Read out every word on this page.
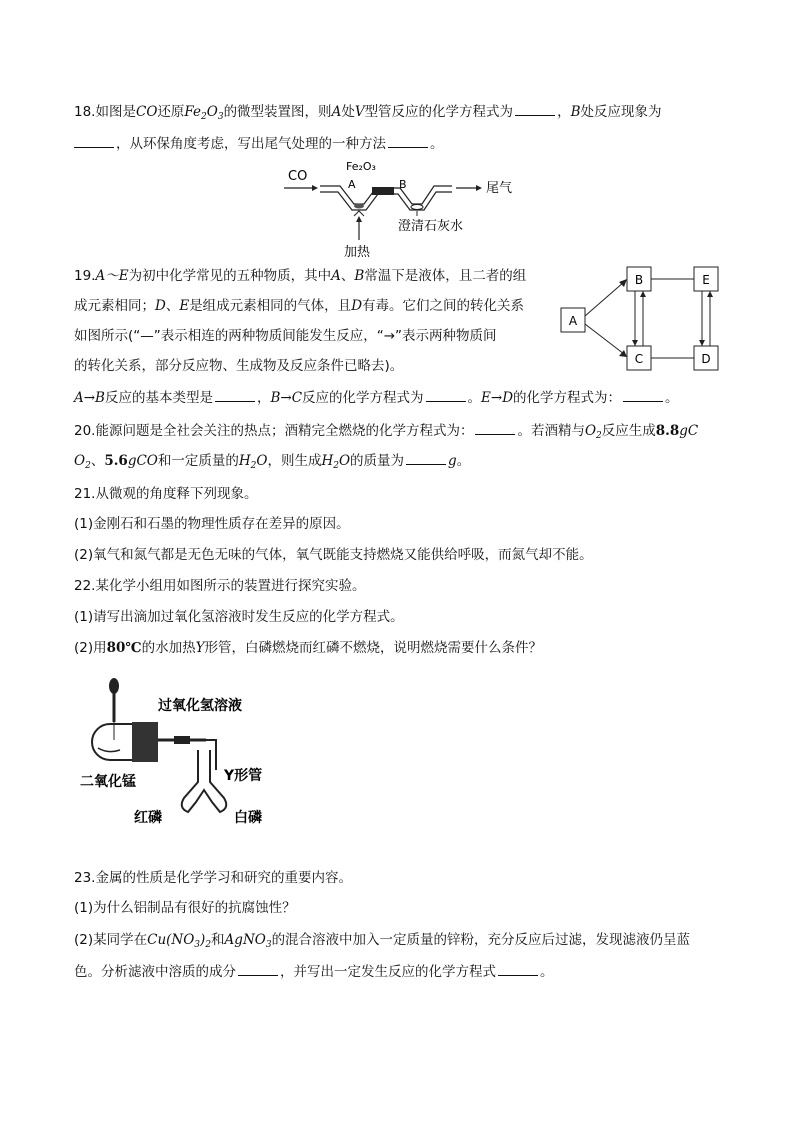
18.如图是CO还原$Fe_2O_3$的微型装置图，则A处V型管反应的化学方程式为	，B处反应现象为
，从环保角度考虑，写出尾气处理的一种方法	。
CO
Fe₂O₃
A	B	尾气
澄清石灰水
加热
19.A～E为初中化学常见的五种物质，其中A、B常温下是液体，且二者的组
成元素相同；D、E是组成元素相同的气体，且D有毒。它们之间的转化关系
如图所示(“—”表示相连的两种物质间能发生反应，“→”表示两种物质间
的转化关系，部分反应物、生成物及反应条件已略去)。
A→B反应的基本类型是	，B→C反应的化学方程式为	。E→D的化学方程式为：	。
A
B	E
C	D
20.能源问题是全社会关注的热点；酒精完全燃烧的化学方程式为：	。若酒精与$O_2$反应生成8.8gC
$O_2$、5.6gCO和一定质量的$H_2O$，则生成$H_2O$的质量为	g。
21.从微观的角度释下列现象。
(1)金刚石和石墨的物理性质存在差异的原因。
(2)氧气和氮气都是无色无味的气体，氧气既能支持燃烧又能供给呼吸，而氮气却不能。
22.某化学小组用如图所示的装置进行探究实验。
(1)请写出滴加过氧化氢溶液时发生反应的化学方程式。
(2)用80℃的水加热Y形管，白磷燃烧而红磷不燃烧，说明燃烧需要什么条件？
过氧化氢溶液
二氧化锰	Y形管
红磷	白磷
23.金属的性质是化学学习和研究的重要内容。
(1)为什么铝制品有很好的抗腐蚀性？
(2)某同学在$Cu(NO_3)_2$和AgNO$_3$的混合溶液中加入一定质量的锌粉，充分反应后过滤，发现滤液仍呈蓝
色。分析滤液中溶质的成分	，并写出一定发生反应的化学方程式	。
